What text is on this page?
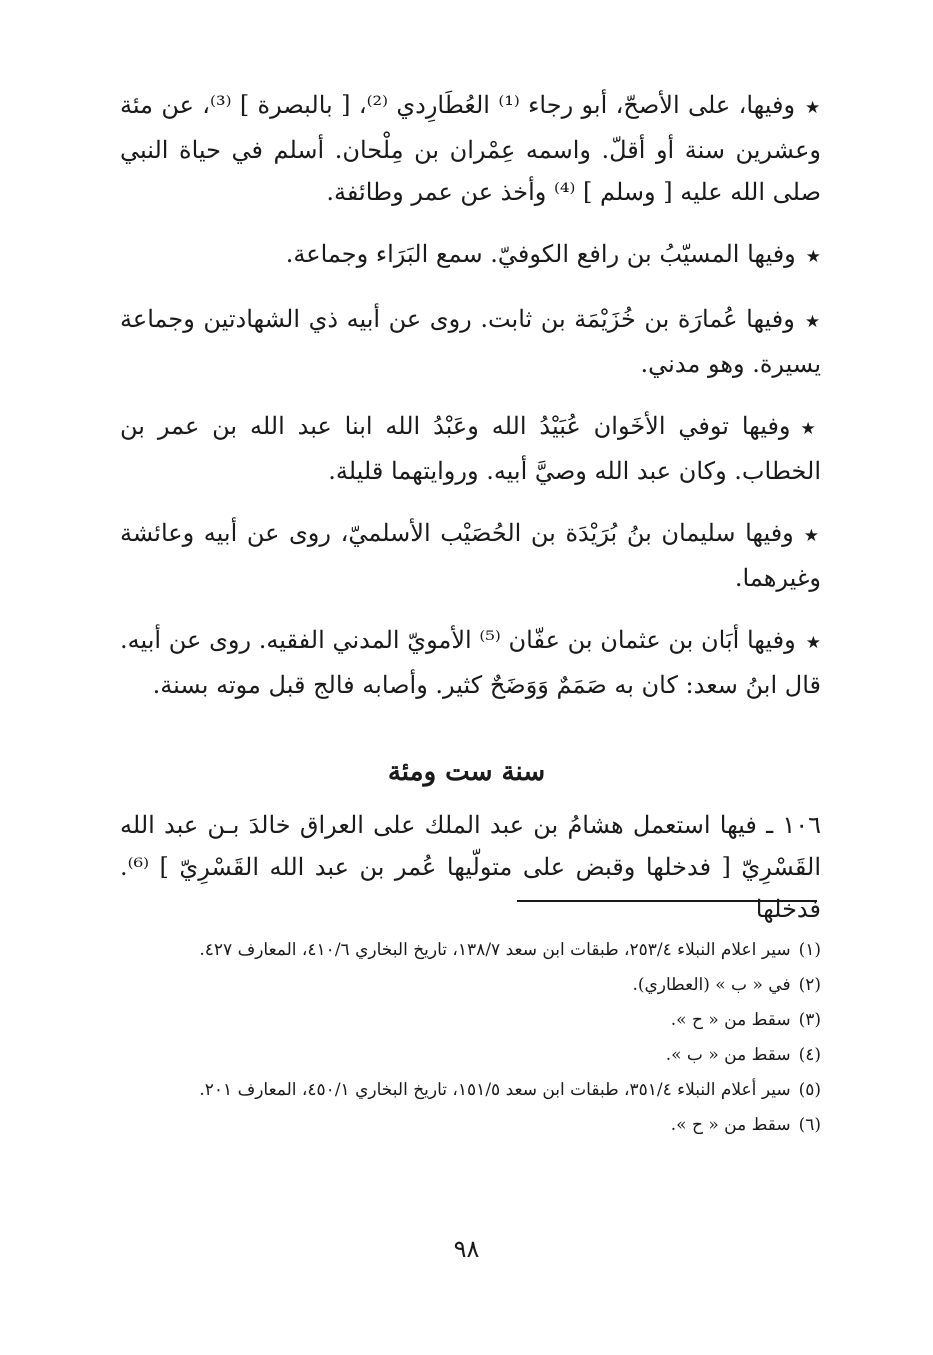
★وفيها، على الأصحّ، أبو رجاء ⁽¹⁾ العُطَارِدي ⁽²⁾، [ بالبصرة ] ⁽³⁾، عن مئة وعشرين سنة أو أقلّ. واسمه عِمْران بن مِلْحان. أسلم في حياة النبي صلى الله عليه [ وسلم ] ⁽⁴⁾ وأخذ عن عمر وطائفة.

★وفيها المسيّبُ بن رافع الكوفيّ. سمع البَرَاء وجماعة.

★وفيها عُمارَة بن خُزَيْمَة بن ثابت. روى عن أبيه ذي الشهادتين وجماعة يسيرة. وهو مدني.

★وفيها توفي الأخَوان عُبَيْدُ الله وعَبْدُ الله ابنا عبد الله بن عمر بن الخطاب. وكان عبد الله وصيَّ أبيه. وروايتهما قليلة.

★وفيها سليمان بنُ بُرَيْدَة بن الحُصَيْب الأسلميّ، روى عن أبيه وعائشة وغيرهما.

★وفيها أبَان بن عثمان بن عفّان ⁽⁵⁾ الأمويّ المدني الفقيه. روى عن أبيه. قال ابنُ سعد: كان به صَمَمٌ وَوَضَحٌ كثير. وأصابه فالج قبل موته بسنة.

سنة ست ومئة

١٠٦ ـ فيها استعمل هشامُ بن عبد الملك على العراق خالدَ بـن عبد الله القَسْرِيّ [ فدخلها وقبض على متولّيها عُمر بن عبد الله القَسْرِيّ ] ⁽⁶⁾. فدخلها

(١)سير اعلام النبلاء ٢٥٣/٤، طبقات ابن سعد ١٣٨/٧، تاريخ البخاري ٤١٠/٦، المعارف ٤٢٧.

(٢)في « ب » (العطاري).

(٣)سقط من « ح ».

(٤)سقط من « ب ».

(٥)سير أعلام النبلاء ٣٥١/٤، طبقات ابن سعد ١٥١/٥، تاريخ البخاري ٤٥٠/١، المعارف ٢٠١.

(٦)سقط من « ح ».

٩٨
